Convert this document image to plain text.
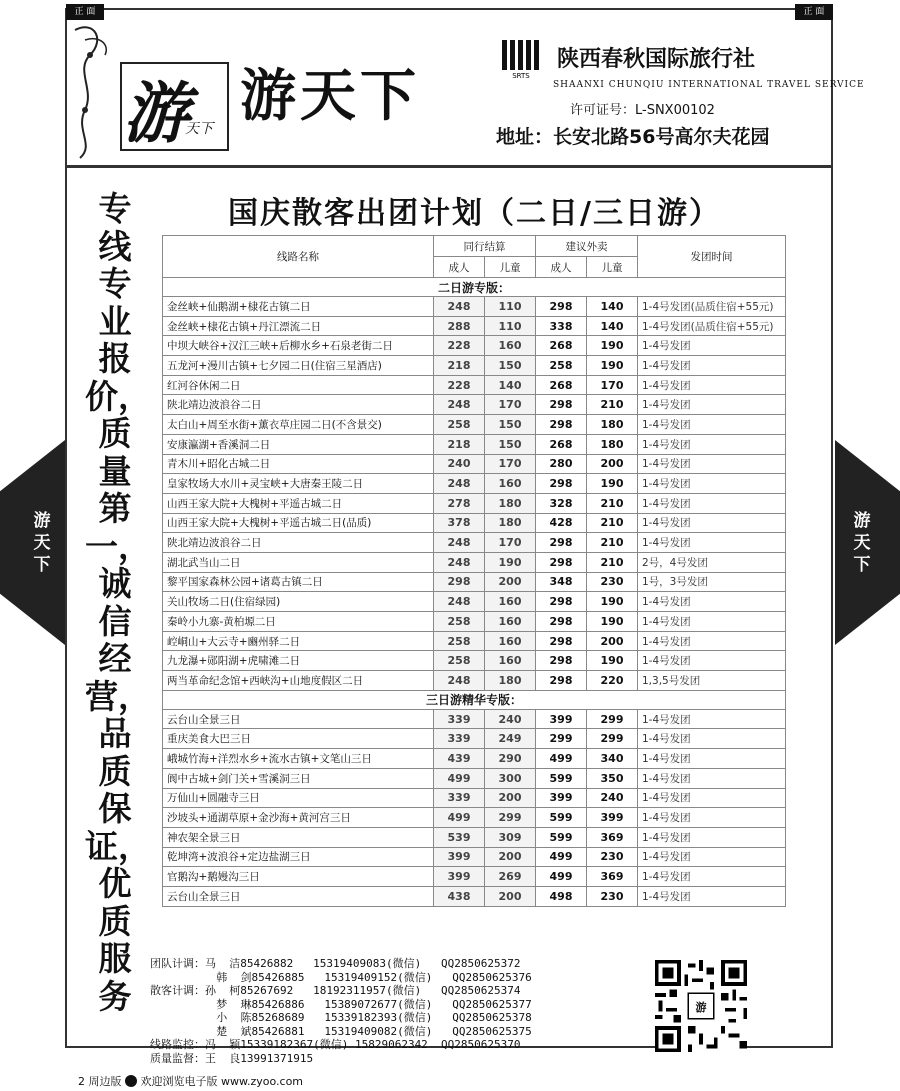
正 面	正 面
游
天下 游天下	SRTS
陕西春秋国际旅行社
SHAANXI CHUNQIU INTERNATIONAL TRAVEL SERVICE
许可证号：L-SNX00102
地址：长安北路56号高尔夫花园
国庆散客出团计划（二日/三日游）
专线专业报价，质量第一，诚信经营，品质保证，优质服务
游天下
游天下
线路名称	同行结算		建议外卖		发团时间
	成人	儿童	成人	儿童	
二日游专版：					
金丝峡+仙鹅湖+棣花古镇二日	248	110	298	140	1-4号发团(品质住宿+55元)
金丝峡+棣花古镇+丹江漂流二日	288	110	338	140	1-4号发团(品质住宿+55元)
中坝大峡谷+汉江三峡+后柳水乡+石泉老街二日	228	160	268	190	1-4号发团
五龙河+漫川古镇+七夕园二日(住宿三星酒店)	218	150	258	190	1-4号发团
红河谷休闲二日	228	140	268	170	1-4号发团
陕北靖边波浪谷二日	248	170	298	210	1-4号发团
太白山+周至水街+薰衣草庄园二日(不含景交)	258	150	298	180	1-4号发团
安康瀛湖+香溪洞二日	218	150	268	180	1-4号发团
青木川+昭化古城二日	240	170	280	200	1-4号发团
皇家牧场大水川+灵宝峡+大唐秦王陵二日	248	160	298	190	1-4号发团
山西王家大院+大槐树+平遥古城二日	278	180	328	210	1-4号发团
山西王家大院+大槐树+平遥古城二日(品质)	378	180	428	210	1-4号发团
陕北靖边波浪谷二日	248	170	298	210	1-4号发团
湖北武当山二日	248	190	298	210	2号，4号发团
黎平国家森林公园+诸葛古镇二日	298	200	348	230	1号，3号发团
关山牧场二日(住宿绿园)	248	160	298	190	1-4号发团
秦岭小九寨-黄柏塬二日	258	160	298	190	1-4号发团
崆峒山+大云寺+豳州驿二日	258	160	298	200	1-4号发团
九龙瀑+郧阳湖+虎啸滩二日	258	160	298	190	1-4号发团
两当革命纪念馆+西峡沟+山地度假区二日	248	180	298	220	1,3,5号发团
三日游精华专版：					
云台山全景三日	339	240	399	299	1-4号发团
重庆美食大巴三日	339	249	299	299	1-4号发团
峨城竹海+洋烈水乡+流水古镇+文笔山三日	439	290	499	340	1-4号发团
阆中古城+剑门关+雪溪洞三日	499	300	599	350	1-4号发团
万仙山+圆融寺三日	339	200	399	240	1-4号发团
沙坡头+通湖草原+金沙海+黄河宫三日	499	299	599	399	1-4号发团
神农架全景三日	539	309	599	369	1-4号发团
乾坤湾+波浪谷+定边盐湖三日	399	200	499	230	1-4号发团
官鹅沟+鹅嫚沟三日	399	269	499	369	1-4号发团
云台山全景三日	438	200	498	230	1-4号发团
团队计调：马  洁85426882   15319409083(微信)   QQ2850625372
韩  剑85426885   15319409152(微信)   QQ2850625376
散客计调：孙  柯85267692   18192311957(微信)   QQ2850625374
梦  琳85426886   15389072677(微信)   QQ2850625377
小  陈85268689   15339182393(微信)   QQ2850625378
楚  斌85426881   15319409082(微信)   QQ2850625375
线路监控：冯  颖15339182367(微信) 15829062342  QQ2850625370
质量监督：王  良13991371915
游
2 周边版 欢迎浏览电子版 www.zyoo.com
